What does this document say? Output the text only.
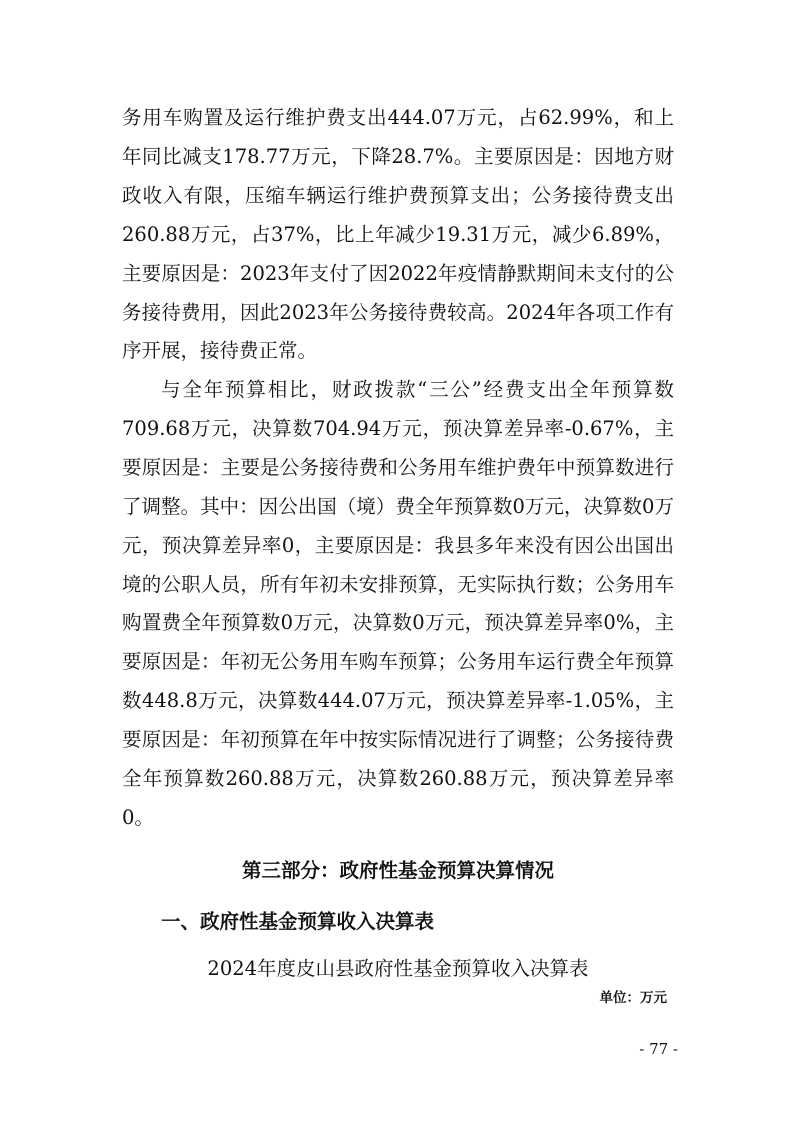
务用车购置及运行维护费支出444.07万元，占62.99%，和上年同比减支178.77万元，下降28.7%。主要原因是：因地方财政收入有限，压缩车辆运行维护费预算支出；公务接待费支出260.88万元，占37%，比上年减少19.31万元，减少6.89%，主要原因是：2023年支付了因2022年疫情静默期间未支付的公务接待费用，因此2023年公务接待费较高。2024年各项工作有序开展，接待费正常。

与全年预算相比，财政拨款“三公”经费支出全年预算数709.68万元，决算数704.94万元，预决算差异率-0.67%，主要原因是：主要是公务接待费和公务用车维护费年中预算数进行了调整。其中：因公出国（境）费全年预算数0万元，决算数0万元，预决算差异率0，主要原因是：我县多年来没有因公出国出境的公职人员，所有年初未安排预算，无实际执行数；公务用车购置费全年预算数0万元，决算数0万元，预决算差异率0%，主要原因是：年初无公务用车购车预算；公务用车运行费全年预算数448.8万元，决算数444.07万元，预决算差异率-1.05%，主要原因是：年初预算在年中按实际情况进行了调整；公务接待费全年预算数260.88万元，决算数260.88万元，预决算差异率0。

第三部分：政府性基金预算决算情况
一、政府性基金预算收入决算表

2024年度皮山县政府性基金预算收入决算表

单位：万元
- 77 -
